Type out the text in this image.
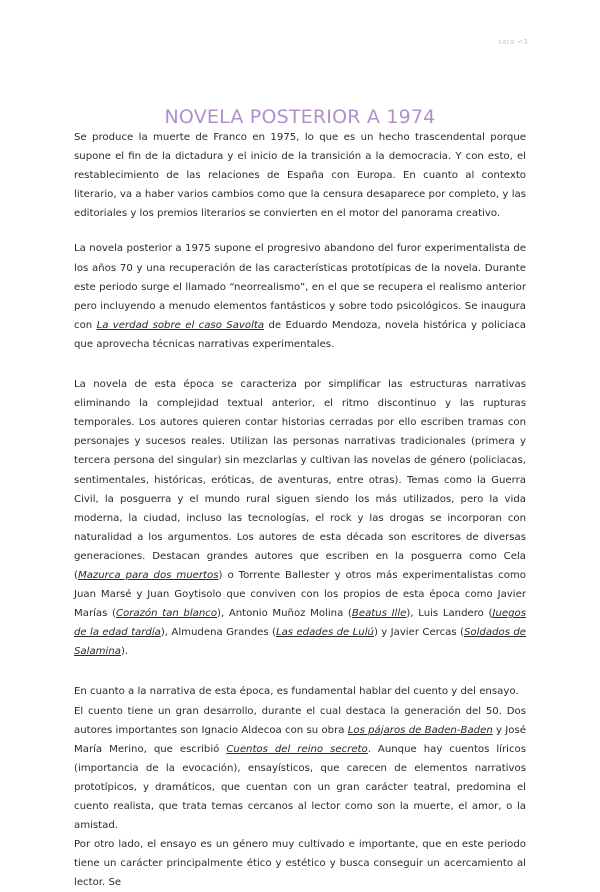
sara <3
NOVELA POSTERIOR A 1974

Se produce la muerte de Franco en 1975, lo que es un hecho trascendental porque supone el fin de la dictadura y el inicio de la transición a la democracia. Y con esto, el restablecimiento de las relaciones de España con Europa. En cuanto al contexto literario, va a haber varios cambios como que la censura desaparece por completo, y las editoriales y los premios literarios se convierten en el motor del panorama creativo.

La novela posterior a 1975 supone el progresivo abandono del furor experimentalista de los años 70 y una recuperación de las características prototípicas de la novela. Durante este periodo surge el llamado “neorrealismo”, en el que se recupera el realismo anterior pero incluyendo a menudo elementos fantásticos y sobre todo psicológicos. Se inaugura con La verdad sobre el caso Savolta de Eduardo Mendoza, novela histórica y policiaca que aprovecha técnicas narrativas experimentales.

La novela de esta época se caracteriza por simplificar las estructuras narrativas eliminando la complejidad textual anterior, el ritmo discontinuo y las rupturas temporales. Los autores quieren contar historias cerradas por ello escriben tramas con personajes y sucesos reales. Utilizan las personas narrativas tradicionales (primera y tercera persona del singular) sin mezclarlas y cultivan las novelas de género (policiacas, sentimentales, históricas, eróticas, de aventuras, entre otras). Temas como la Guerra Civil, la posguerra y el mundo rural siguen siendo los más utilizados, pero la vida moderna, la ciudad, incluso las tecnologías, el rock y las drogas se incorporan con naturalidad a los argumentos. Los autores de esta década son escritores de diversas generaciones. Destacan grandes autores que escriben en la posguerra como Cela (Mazurca para dos muertos) o Torrente Ballester y otros más experimentalistas como Juan Marsé y Juan Goytisolo que conviven con los propios de esta época como Javier Marías (Corazón tan blanco), Antonio Muñoz Molina (Beatus Ille), Luis Landero (Juegos de la edad tardía), Almudena Grandes (Las edades de Lulú) y Javier Cercas (Soldados de Salamina).

En cuanto a la narrativa de esta época, es fundamental hablar del cuento y del ensayo.

El cuento tiene un gran desarrollo, durante el cual destaca la generación del 50. Dos autores importantes son Ignacio Aldecoa con su obra Los pájaros de Baden-Baden y José María Merino, que escribió Cuentos del reino secreto. Aunque hay cuentos líricos (importancia de la evocación), ensayísticos, que carecen de elementos narrativos prototípicos, y dramáticos, que cuentan con un gran carácter teatral, predomina el cuento realista, que trata temas cercanos al lector como son la muerte, el amor, o la amistad.

Por otro lado, el ensayo es un género muy cultivado e importante, que en este periodo tiene un carácter principalmente ético y estético y busca conseguir un acercamiento al lector. Se
